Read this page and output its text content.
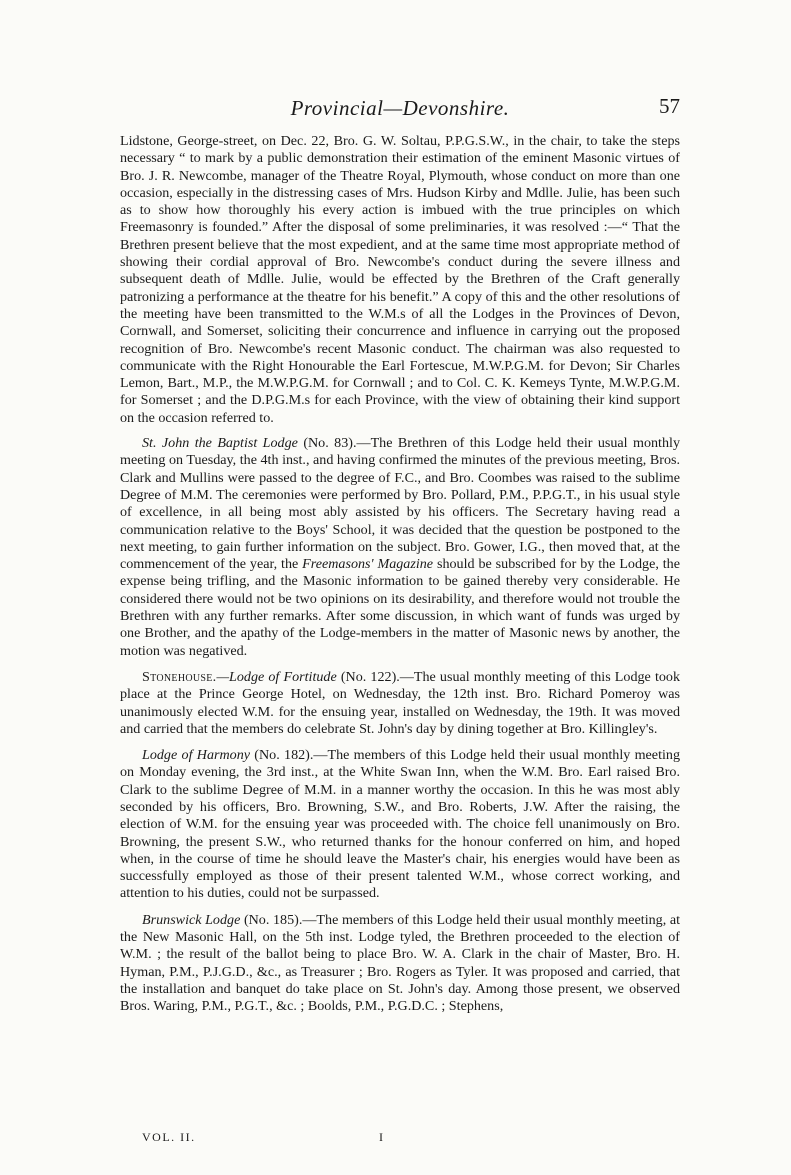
Provincial—Devonshire.	57

Lidstone, George-street, on Dec. 22, Bro. G. W. Soltau, P.P.G.S.W., in the chair, to take the steps necessary “ to mark by a public demonstration their estimation of the eminent Masonic virtues of Bro. J. R. Newcombe, manager of the Theatre Royal, Plymouth, whose conduct on more than one occasion, especially in the distressing cases of Mrs. Hudson Kirby and Mdlle. Julie, has been such as to show how thoroughly his every action is imbued with the true principles on which Freemasonry is founded.” After the disposal of some preliminaries, it was resolved :—“ That the Brethren present believe that the most expedient, and at the same time most appropriate method of showing their cordial approval of Bro. Newcombe's conduct during the severe illness and subsequent death of Mdlle. Julie, would be effected by the Brethren of the Craft generally patronizing a performance at the theatre for his benefit.” A copy of this and the other resolutions of the meeting have been transmitted to the W.M.s of all the Lodges in the Provinces of Devon, Cornwall, and Somerset, soliciting their concurrence and influence in carrying out the proposed recognition of Bro. Newcombe's recent Masonic conduct. The chairman was also requested to communicate with the Right Honourable the Earl Fortescue, M.W.P.G.M. for Devon; Sir Charles Lemon, Bart., M.P., the M.W.P.G.M. for Cornwall ; and to Col. C. K. Kemeys Tynte, M.W.P.G.M. for Somerset ; and the D.P.G.M.s for each Province, with the view of obtaining their kind support on the occasion referred to.

St. John the Baptist Lodge (No. 83).—The Brethren of this Lodge held their usual monthly meeting on Tuesday, the 4th inst., and having confirmed the minutes of the previous meeting, Bros. Clark and Mullins were passed to the degree of F.C., and Bro. Coombes was raised to the sublime Degree of M.M. The ceremonies were performed by Bro. Pollard, P.M., P.P.G.T., in his usual style of excellence, in all being most ably assisted by his officers. The Secretary having read a communication relative to the Boys' School, it was decided that the question be postponed to the next meeting, to gain further information on the subject. Bro. Gower, I.G., then moved that, at the commencement of the year, the Freemasons' Magazine should be subscribed for by the Lodge, the expense being trifling, and the Masonic information to be gained thereby very considerable. He considered there would not be two opinions on its desirability, and therefore would not trouble the Brethren with any further remarks. After some discussion, in which want of funds was urged by one Brother, and the apathy of the Lodge-members in the matter of Masonic news by another, the motion was negatived.

Stonehouse.—Lodge of Fortitude (No. 122).—The usual monthly meeting of this Lodge took place at the Prince George Hotel, on Wednesday, the 12th inst. Bro. Richard Pomeroy was unanimously elected W.M. for the ensuing year, installed on Wednesday, the 19th. It was moved and carried that the members do celebrate St. John's day by dining together at Bro. Killingley's.

Lodge of Harmony (No. 182).—The members of this Lodge held their usual monthly meeting on Monday evening, the 3rd inst., at the White Swan Inn, when the W.M. Bro. Earl raised Bro. Clark to the sublime Degree of M.M. in a manner worthy the occasion. In this he was most ably seconded by his officers, Bro. Browning, S.W., and Bro. Roberts, J.W. After the raising, the election of W.M. for the ensuing year was proceeded with. The choice fell unanimously on Bro. Browning, the present S.W., who returned thanks for the honour conferred on him, and hoped when, in the course of time he should leave the Master's chair, his energies would have been as successfully employed as those of their present talented W.M., whose correct working, and attention to his duties, could not be surpassed.

Brunswick Lodge (No. 185).—The members of this Lodge held their usual monthly meeting, at the New Masonic Hall, on the 5th inst. Lodge tyled, the Brethren proceeded to the election of W.M. ; the result of the ballot being to place Bro. W. A. Clark in the chair of Master, Bro. H. Hyman, P.M., P.J.G.D., &c., as Treasurer ; Bro. Rogers as Tyler. It was proposed and carried, that the installation and banquet do take place on St. John's day. Among those present, we observed Bros. Waring, P.M., P.G.T., &c. ; Boolds, P.M., P.G.D.C. ; Stephens,

VOL. II.	I
